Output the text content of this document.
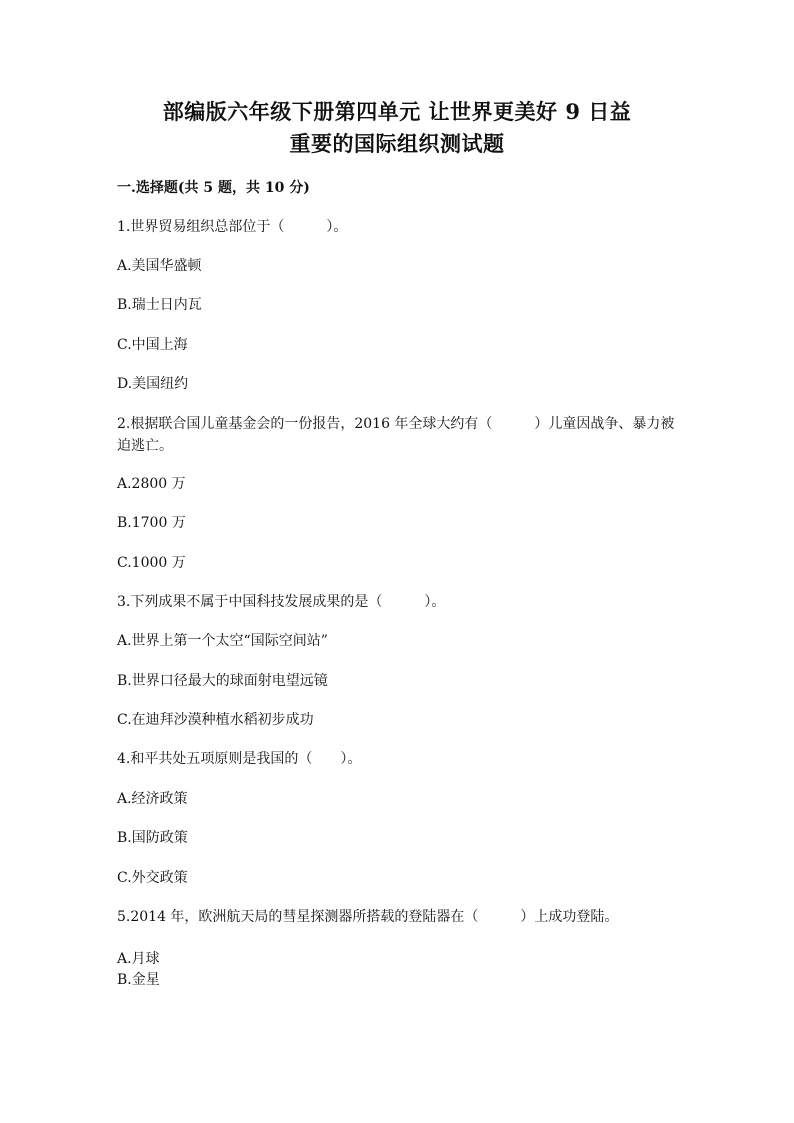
部编版六年级下册第四单元 让世界更美好 9 日益
重要的国际组织测试题
一.选择题(共 5 题，共 10 分)
1.世界贸易组织总部位于（　　　）。
A.美国华盛顿
B.瑞士日内瓦
C.中国上海
D.美国纽约
2.根据联合国儿童基金会的一份报告，2016 年全球大约有（　　　）儿童因战争、暴力被迫逃亡。
A.2800 万
B.1700 万
C.1000 万
3.下列成果不属于中国科技发展成果的是（　　　）。
A.世界上第一个太空“国际空间站”
B.世界口径最大的球面射电望远镜
C.在迪拜沙漠种植水稻初步成功
4.和平共处五项原则是我国的（　　）。
A.经济政策
B.国防政策
C.外交政策
5.2014 年，欧洲航天局的彗星探测器所搭载的登陆器在（　　　）上成功登陆。
A.月球
B.金星
